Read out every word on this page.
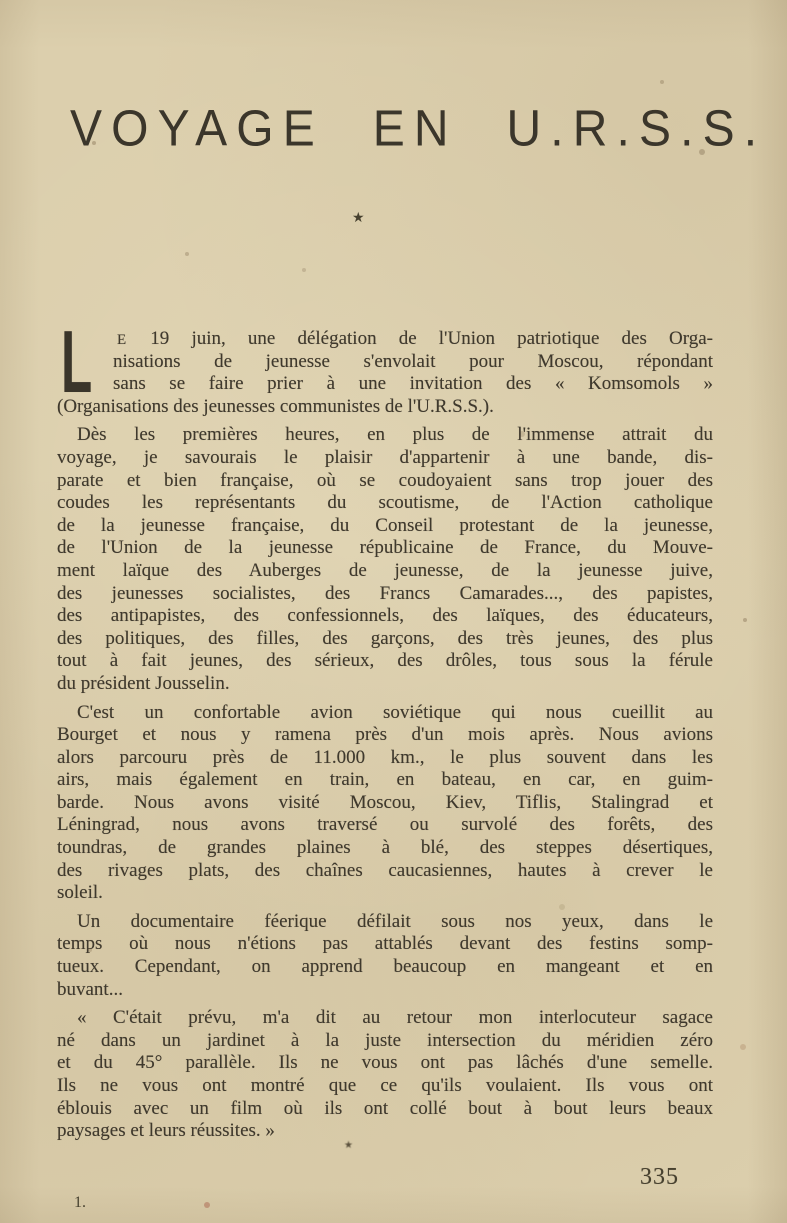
VOYAGE EN U.R.S.S.
★
L E 19 juin, une délégation de l'Union patriotique des Orga-
nisations de jeunesse s'envolait pour Moscou, répondant
sans se faire prier à une invitation des « Komsomols »
(Organisations des jeunesses communistes de l'U.R.S.S.).
Dès les premières heures, en plus de l'immense attrait du
voyage, je savourais le plaisir d'appartenir à une bande, dis-
parate et bien française, où se coudoyaient sans trop jouer des
coudes les représentants du scoutisme, de l'Action catholique
de la jeunesse française, du Conseil protestant de la jeunesse,
de l'Union de la jeunesse républicaine de France, du Mouve-
ment laïque des Auberges de jeunesse, de la jeunesse juive,
des jeunesses socialistes, des Francs Camarades..., des papistes,
des antipapistes, des confessionnels, des laïques, des éducateurs,
des politiques, des filles, des garçons, des très jeunes, des plus
tout à fait jeunes, des sérieux, des drôles, tous sous la férule
du président Jousselin.
C'est un confortable avion soviétique qui nous cueillit au
Bourget et nous y ramena près d'un mois après. Nous avions
alors parcouru près de 11.000 km., le plus souvent dans les
airs, mais également en train, en bateau, en car, en guim-
barde. Nous avons visité Moscou, Kiev, Tiflis, Stalingrad et
Léningrad, nous avons traversé ou survolé des forêts, des
toundras, de grandes plaines à blé, des steppes désertiques,
des rivages plats, des chaînes caucasiennes, hautes à crever le
soleil.
Un documentaire féerique défilait sous nos yeux, dans le
temps où nous n'étions pas attablés devant des festins somp-
tueux. Cependant, on apprend beaucoup en mangeant et en
buvant...
« C'était prévu, m'a dit au retour mon interlocuteur sagace
né dans un jardinet à la juste intersection du méridien zéro
et du 45° parallèle. Ils ne vous ont pas lâchés d'une semelle.
Ils ne vous ont montré que ce qu'ils voulaient. Ils vous ont
éblouis avec un film où ils ont collé bout à bout leurs beaux
paysages et leurs réussites. »
★
335
1.
